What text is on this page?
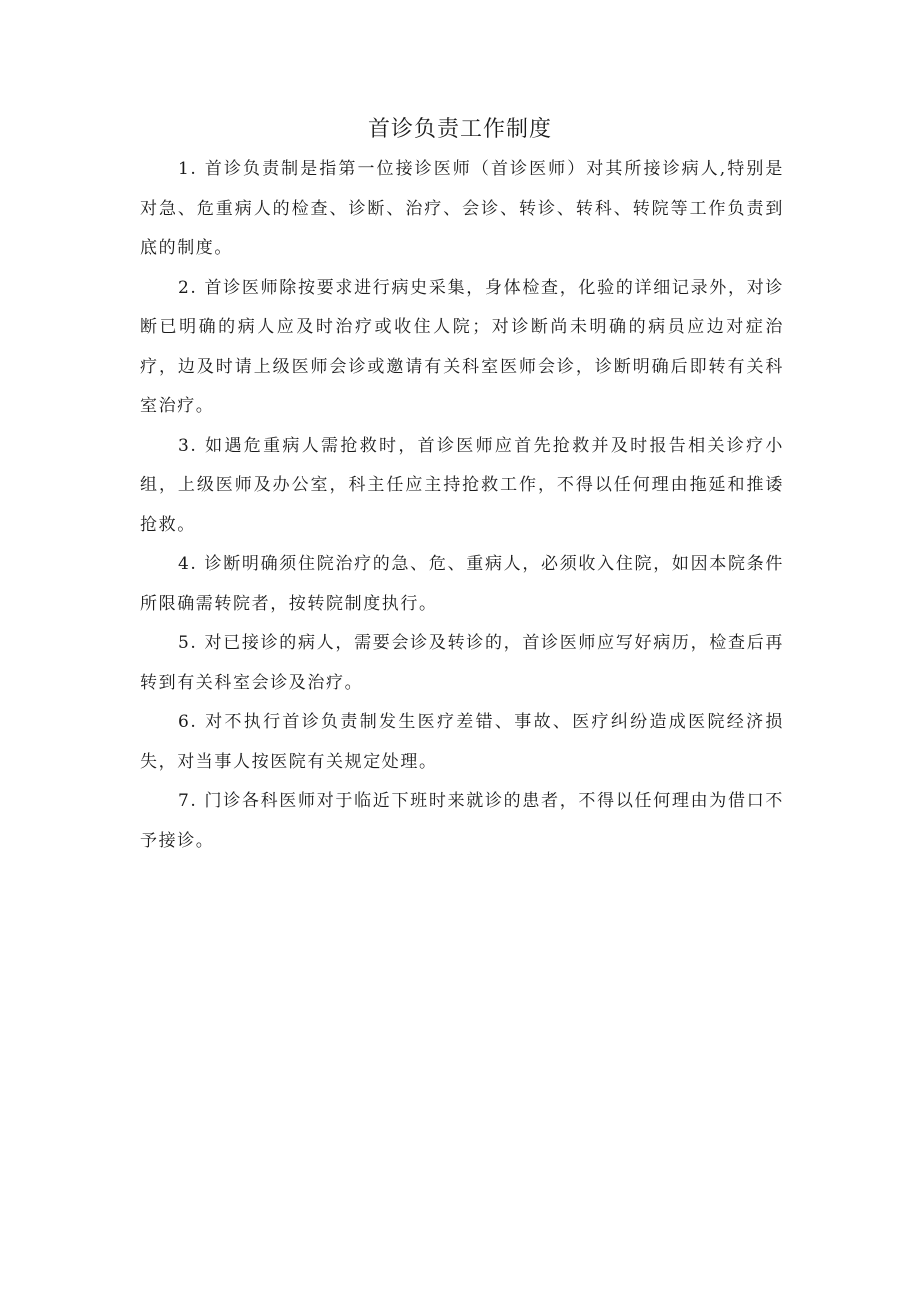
首诊负责工作制度

1. 首诊负责制是指第一位接诊医师（首诊医师）对其所接诊病人,特别是对急、危重病人的检查、诊断、治疗、会诊、转诊、转科、转院等工作负责到底的制度。

2. 首诊医师除按要求进行病史采集，身体检查，化验的详细记录外，对诊断已明确的病人应及时治疗或收住人院；对诊断尚未明确的病员应边对症治疗，边及时请上级医师会诊或邀请有关科室医师会诊，诊断明确后即转有关科室治疗。

3. 如遇危重病人需抢救时，首诊医师应首先抢救并及时报告相关诊疗小组，上级医师及办公室，科主任应主持抢救工作，不得以任何理由拖延和推诿抢救。

4. 诊断明确须住院治疗的急、危、重病人，必须收入住院，如因本院条件所限确需转院者，按转院制度执行。

5. 对已接诊的病人，需要会诊及转诊的，首诊医师应写好病历，检查后再转到有关科室会诊及治疗。

6. 对不执行首诊负责制发生医疗差错、事故、医疗纠纷造成医院经济损失，对当事人按医院有关规定处理。

7. 门诊各科医师对于临近下班时来就诊的患者，不得以任何理由为借口不予接诊。
